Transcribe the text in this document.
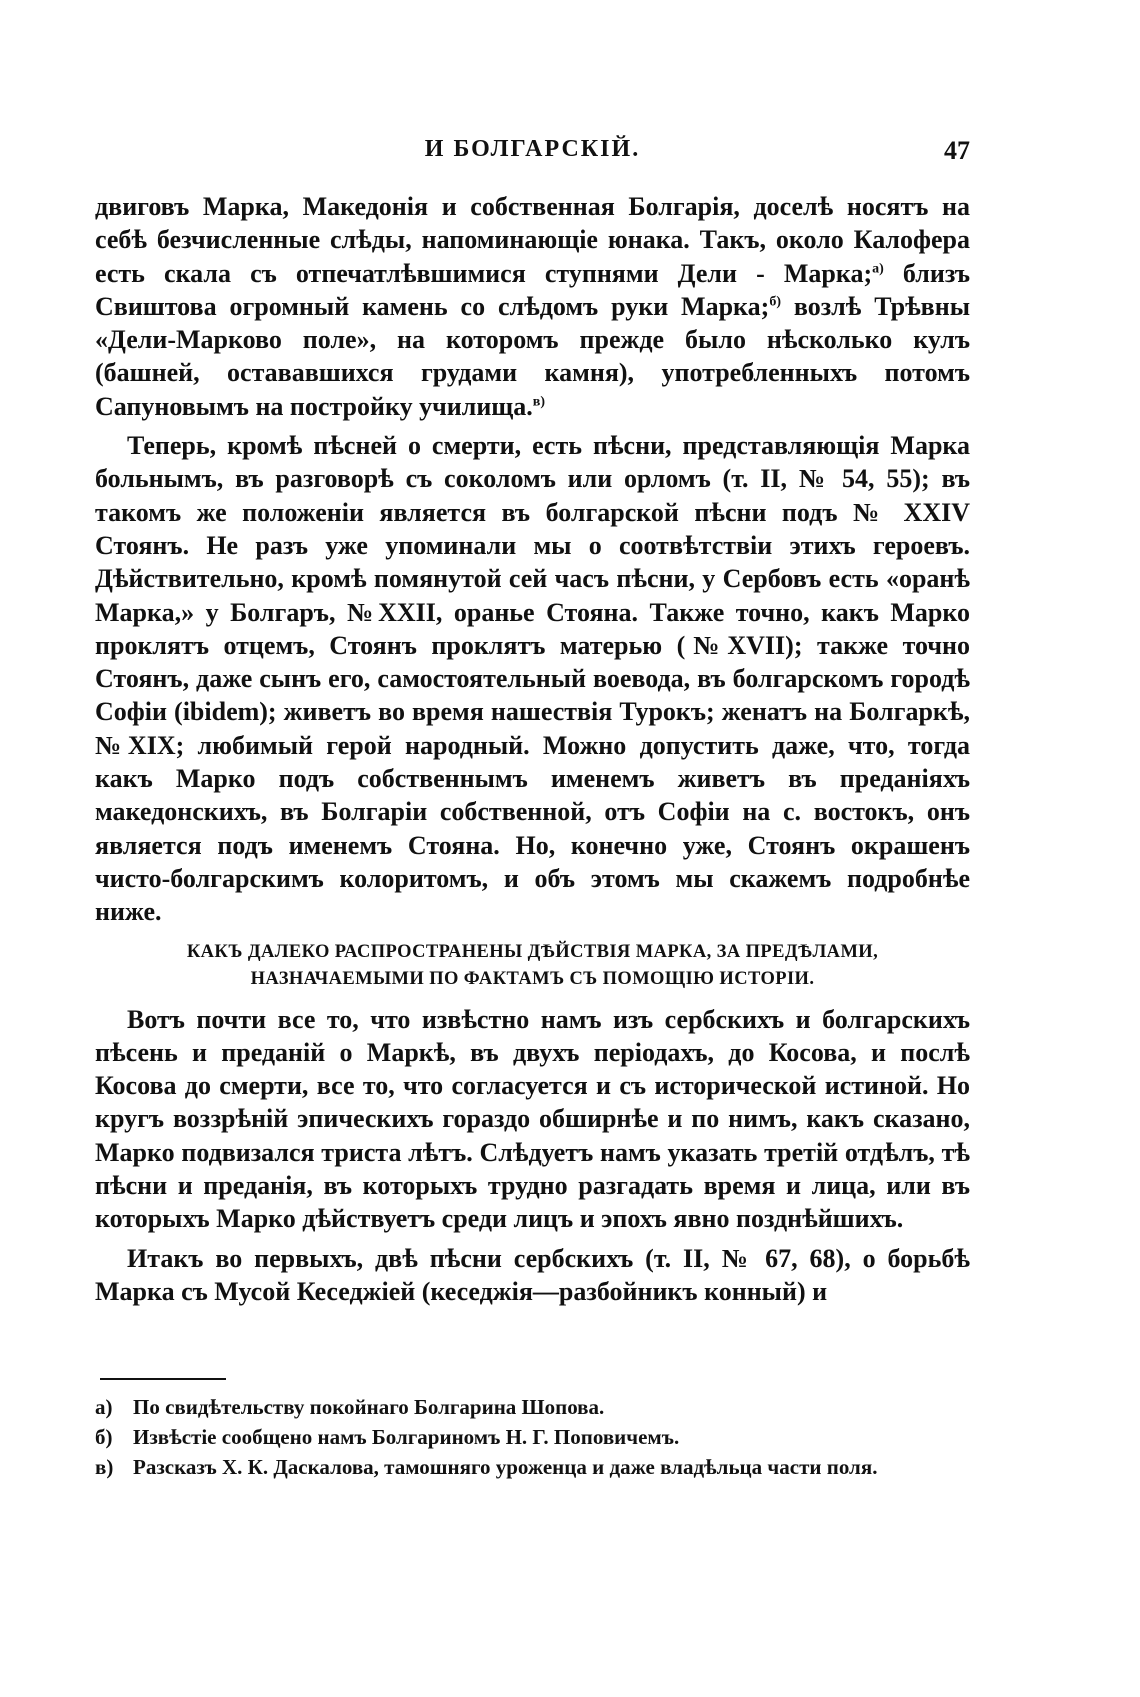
И БОЛГАРСКІЙ.	47

двиговъ Марка, Македонія и собственная Болгарія, доселѣ носятъ на себѣ безчисленные слѣды, напоминающіе юнака. Такъ, около Калофера есть скала съ отпечатлѣвшимися ступнями Дели - Марка;$^{а)}$ близъ Свиштова огромный камень со слѣдомъ руки Марка;$^{б)}$ возлѣ Трѣвны «Дели-Марково поле», на которомъ прежде было нѣсколько кулъ (башней, остававшихся грудами камня), употребленныхъ потомъ Сапуновымъ на постройку училища.$^{в)}$

Теперь, кромѣ пѣсней о смерти, есть пѣсни, представляющія Марка больнымъ, въ разговорѣ съ соколомъ или орломъ (т. II, № 54, 55); въ такомъ же положеніи является въ болгарской пѣсни подъ № XXIV Стоянъ. Не разъ уже упоминали мы о соотвѣтствіи этихъ героевъ. Дѣйствительно, кромѣ помянутой сей часъ пѣсни, у Сербовъ есть «оранѣ Марка,» у Болгаръ, №XXII, оранье Стояна. Также точно, какъ Марко проклятъ отцемъ, Стоянъ проклятъ матерью (№XVII); также точно Стоянъ, даже сынъ его, самостоятельный воевода, въ болгарскомъ городѣ Софіи (ibidem); живетъ во время нашествія Турокъ; женатъ на Болгаркѣ, №XIX; любимый герой народный. Можно допустить даже, что, тогда какъ Марко подъ собственнымъ именемъ живетъ въ преданіяхъ македонскихъ, въ Болгаріи собственной, отъ Софіи на с. востокъ, онъ является подъ именемъ Стояна. Но, конечно уже, Стоянъ окрашенъ чисто-болгарскимъ колоритомъ, и объ этомъ мы скажемъ подробнѣе ниже.

КАКЪ ДАЛЕКО РАСПРОСТРАНЕНЫ ДѢЙСТВІЯ МАРКА, ЗА ПРЕДѢЛАМИ,
НАЗНАЧАЕМЫМИ ПО ФАКТАМЪ СЪ ПОМОЩІЮ ИСТОРІИ.

Вотъ почти все то, что извѣстно намъ изъ сербскихъ и болгарскихъ пѣсень и преданій о Маркѣ, въ двухъ періодахъ, до Косова, и послѣ Косова до смерти, все то, что согласуется и съ исторической истиной. Но кругъ воззрѣній эпическихъ гораздо обширнѣе и по нимъ, какъ сказано, Марко подвизался триста лѣтъ. Слѣдуетъ намъ указать третій отдѣлъ, тѣ пѣсни и преданія, въ которыхъ трудно разгадать время и лица, или въ которыхъ Марко дѣйствуетъ среди лицъ и эпохъ явно позднѣйшихъ.

Итакъ во первыхъ, двѣ пѣсни сербскихъ (т. II, № 67, 68), о борьбѣ Марка съ Мусой Кеседжіей (кеседжія—разбойникъ конный) и

а) По свидѣтельству покойнаго Болгарина Шопова.

б) Извѣстіе сообщено намъ Болгариномъ Н. Г. Поповичемъ.

в) Разсказъ Х. К. Даскалова, тамошняго уроженца и даже владѣльца части поля.
